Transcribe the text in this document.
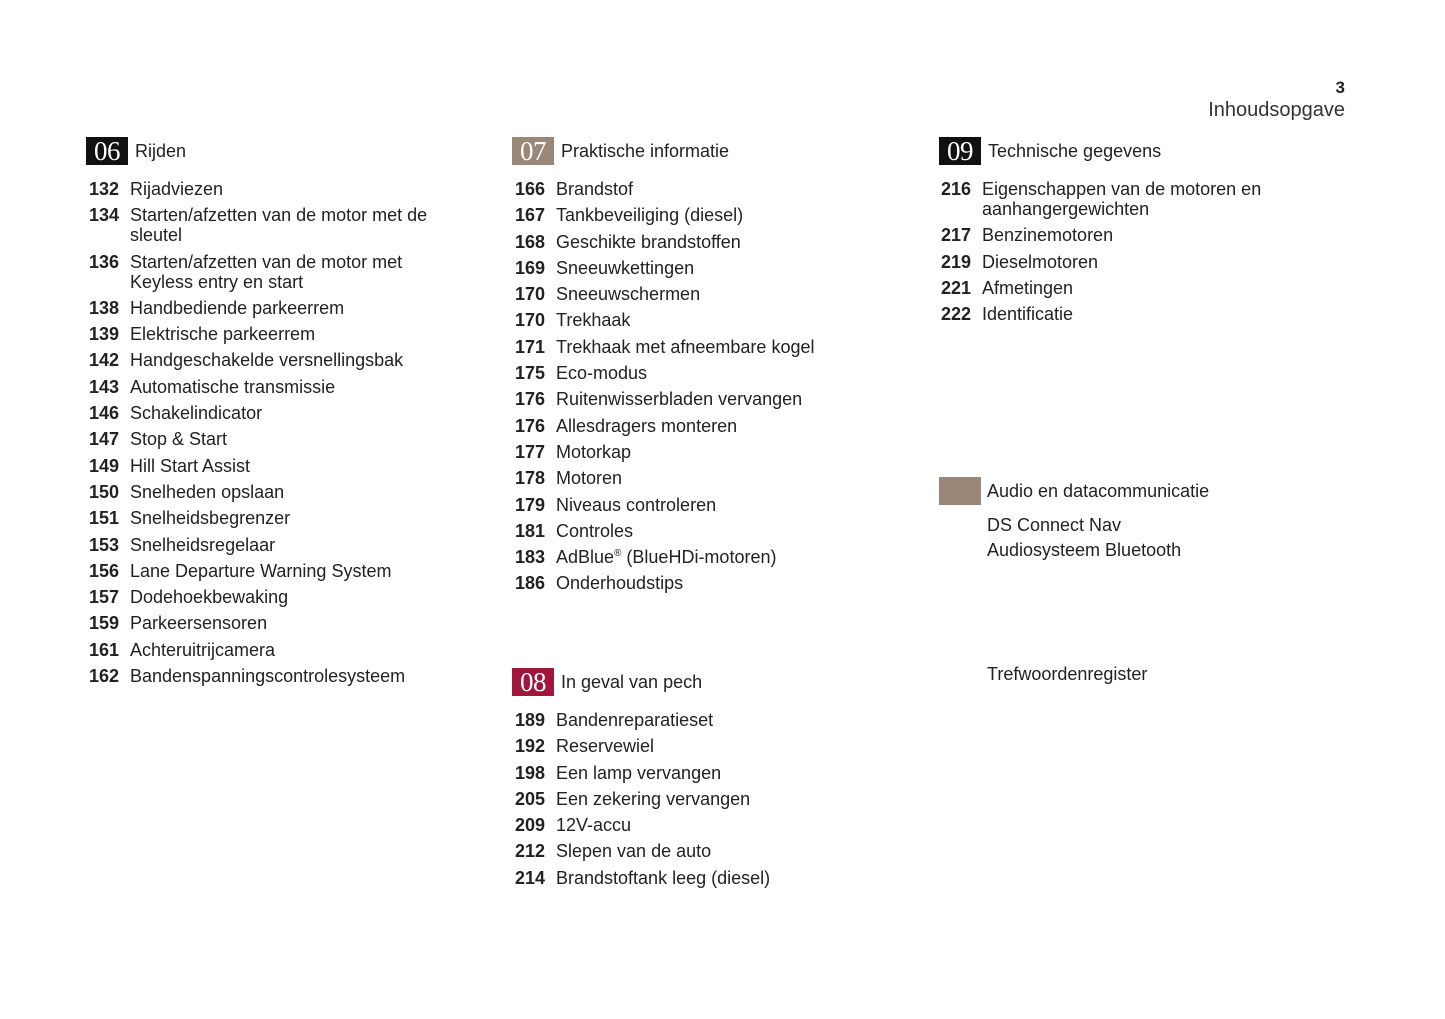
3
Inhoudsopgave
06 Rijden
132 Rijadviezen
134 Starten/afzetten van de motor met de sleutel
136 Starten/afzetten van de motor met Keyless entry en start
138 Handbediende parkeerrem
139 Elektrische parkeerrem
142 Handgeschakelde versnellingsbak
143 Automatische transmissie
146 Schakelindicator
147 Stop & Start
149 Hill Start Assist
150 Snelheden opslaan
151 Snelheidsbegrenzer
153 Snelheidsregelaar
156 Lane Departure Warning System
157 Dodehoekbewaking
159 Parkeersensoren
161 Achteruitrijcamera
162 Bandenspanningscontrolesysteem
07 Praktische informatie
166 Brandstof
167 Tankbeveiliging (diesel)
168 Geschikte brandstoffen
169 Sneeuwkettingen
170 Sneeuwschermen
170 Trekhaak
171 Trekhaak met afneembare kogel
175 Eco-modus
176 Ruitenwisserbladen vervangen
176 Allesdragers monteren
177 Motorkap
178 Motoren
179 Niveaus controleren
181 Controles
183 AdBlue® (BlueHDi-motoren)
186 Onderhoudstips
08 In geval van pech
189 Bandenreparatieset
192 Reservewiel
198 Een lamp vervangen
205 Een zekering vervangen
209 12V-accu
212 Slepen van de auto
214 Brandstoftank leeg (diesel)
09 Technische gegevens
216 Eigenschappen van de motoren en aanhangergewichten
217 Benzinemotoren
219 Dieselmotoren
221 Afmetingen
222 Identificatie
Audio en datacommunicatie
DS Connect Nav
Audiosysteem Bluetooth
Trefwoordenregister
